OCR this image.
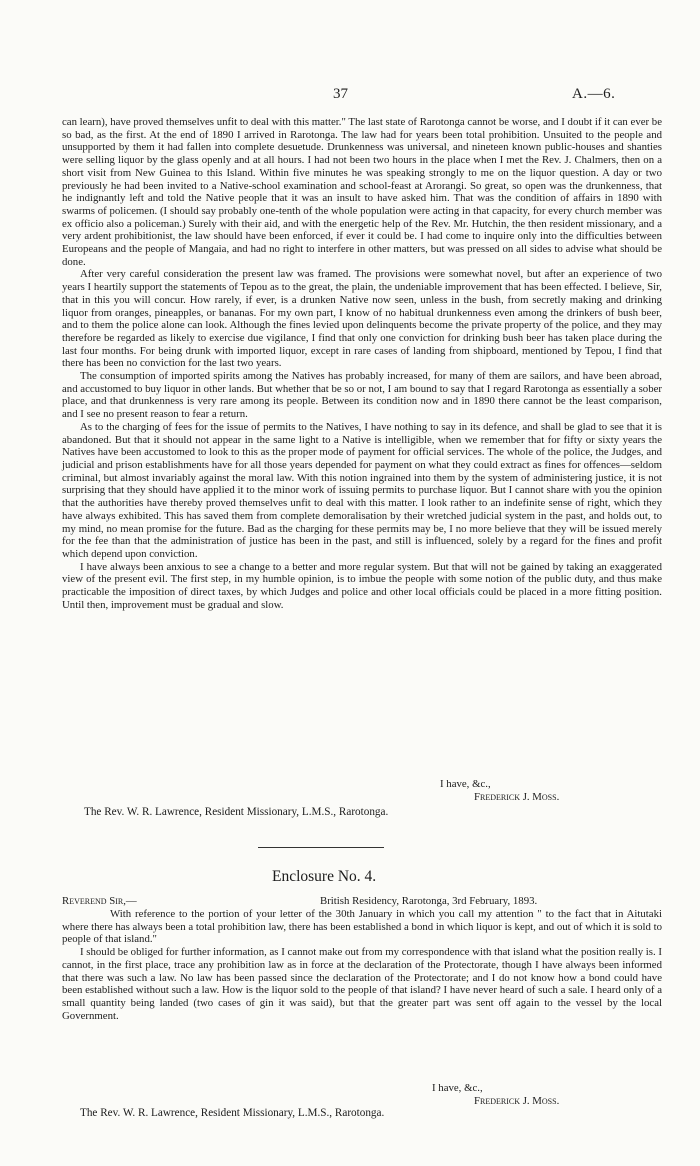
37	A.—6.

can learn), have proved themselves unfit to deal with this matter." The last state of Rarotonga cannot be worse, and I doubt if it can ever be so bad, as the first. At the end of 1890 I arrived in Rarotonga. The law had for years been total prohibition. Unsuited to the people and unsupported by them it had fallen into complete desuetude. Drunkenness was universal, and nineteen known public-houses and shanties were selling liquor by the glass openly and at all hours. I had not been two hours in the place when I met the Rev. J. Chalmers, then on a short visit from New Guinea to this Island. Within five minutes he was speaking strongly to me on the liquor question. A day or two previously he had been invited to a Native-school examination and school-feast at Arorangi. So great, so open was the drunkenness, that he indignantly left and told the Native people that it was an insult to have asked him. That was the condition of affairs in 1890 with swarms of policemen. (I should say probably one-tenth of the whole population were acting in that capacity, for every church member was ex officio also a policeman.) Surely with their aid, and with the energetic help of the Rev. Mr. Hutchin, the then resident missionary, and a very ardent prohibitionist, the law should have been enforced, if ever it could be. I had come to inquire only into the difficulties between Europeans and the people of Mangaia, and had no right to interfere in other matters, but was pressed on all sides to advise what should be done.

After very careful consideration the present law was framed. The provisions were somewhat novel, but after an experience of two years I heartily support the statements of Tepou as to the great, the plain, the undeniable improvement that has been effected. I believe, Sir, that in this you will concur. How rarely, if ever, is a drunken Native now seen, unless in the bush, from secretly making and drinking liquor from oranges, pineapples, or bananas. For my own part, I know of no habitual drunkenness even among the drinkers of bush beer, and to them the police alone can look. Although the fines levied upon delinquents become the private property of the police, and they may therefore be regarded as likely to exercise due vigilance, I find that only one conviction for drinking bush beer has taken place during the last four months. For being drunk with imported liquor, except in rare cases of landing from shipboard, mentioned by Tepou, I find that there has been no conviction for the last two years.

The consumption of imported spirits among the Natives has probably increased, for many of them are sailors, and have been abroad, and accustomed to buy liquor in other lands. But whether that be so or not, I am bound to say that I regard Rarotonga as essentially a sober place, and that drunkenness is very rare among its people. Between its condition now and in 1890 there cannot be the least comparison, and I see no present reason to fear a return.

As to the charging of fees for the issue of permits to the Natives, I have nothing to say in its defence, and shall be glad to see that it is abandoned. But that it should not appear in the same light to a Native is intelligible, when we remember that for fifty or sixty years the Natives have been accustomed to look to this as the proper mode of payment for official services. The whole of the police, the Judges, and judicial and prison establishments have for all those years depended for payment on what they could extract as fines for offences—seldom criminal, but almost invariably against the moral law. With this notion ingrained into them by the system of administering justice, it is not surprising that they should have applied it to the minor work of issuing permits to purchase liquor. But I cannot share with you the opinion that the authorities have thereby proved themselves unfit to deal with this matter. I look rather to an indefinite sense of right, which they have always exhibited. This has saved them from complete demoralisation by their wretched judicial system in the past, and holds out, to my mind, no mean promise for the future. Bad as the charging for these permits may be, I no more believe that they will be issued merely for the fee than that the administration of justice has been in the past, and still is influenced, solely by a regard for the fines and profit which depend upon conviction.

I have always been anxious to see a change to a better and more regular system. But that will not be gained by taking an exaggerated view of the present evil. The first step, in my humble opinion, is to imbue the people with some notion of the public duty, and thus make practicable the imposition of direct taxes, by which Judges and police and other local officials could be placed in a more fitting position. Until then, improvement must be gradual and slow.

I have, &c.,
Frederick J. Moss.
The Rev. W. R. Lawrence, Resident Missionary, L.M.S., Rarotonga.
Enclosure No. 4.
Reverend Sir,—	British Residency, Rarotonga, 3rd February, 1893.

With reference to the portion of your letter of the 30th January in which you call my attention " to the fact that in Aitutaki where there has always been a total prohibition law, there has been established a bond in which liquor is kept, and out of which it is sold to people of that island."

I should be obliged for further information, as I cannot make out from my correspondence with that island what the position really is. I cannot, in the first place, trace any prohibition law as in force at the declaration of the Protectorate, though I have always been informed that there was such a law. No law has been passed since the declaration of the Protectorate; and I do not know how a bond could have been established without such a law. How is the liquor sold to the people of that island? I have never heard of such a sale. I heard only of a small quantity being landed (two cases of gin it was said), but that the greater part was sent off again to the vessel by the local Government.

I have, &c.,
Frederick J. Moss.
The Rev. W. R. Lawrence, Resident Missionary, L.M.S., Rarotonga.
